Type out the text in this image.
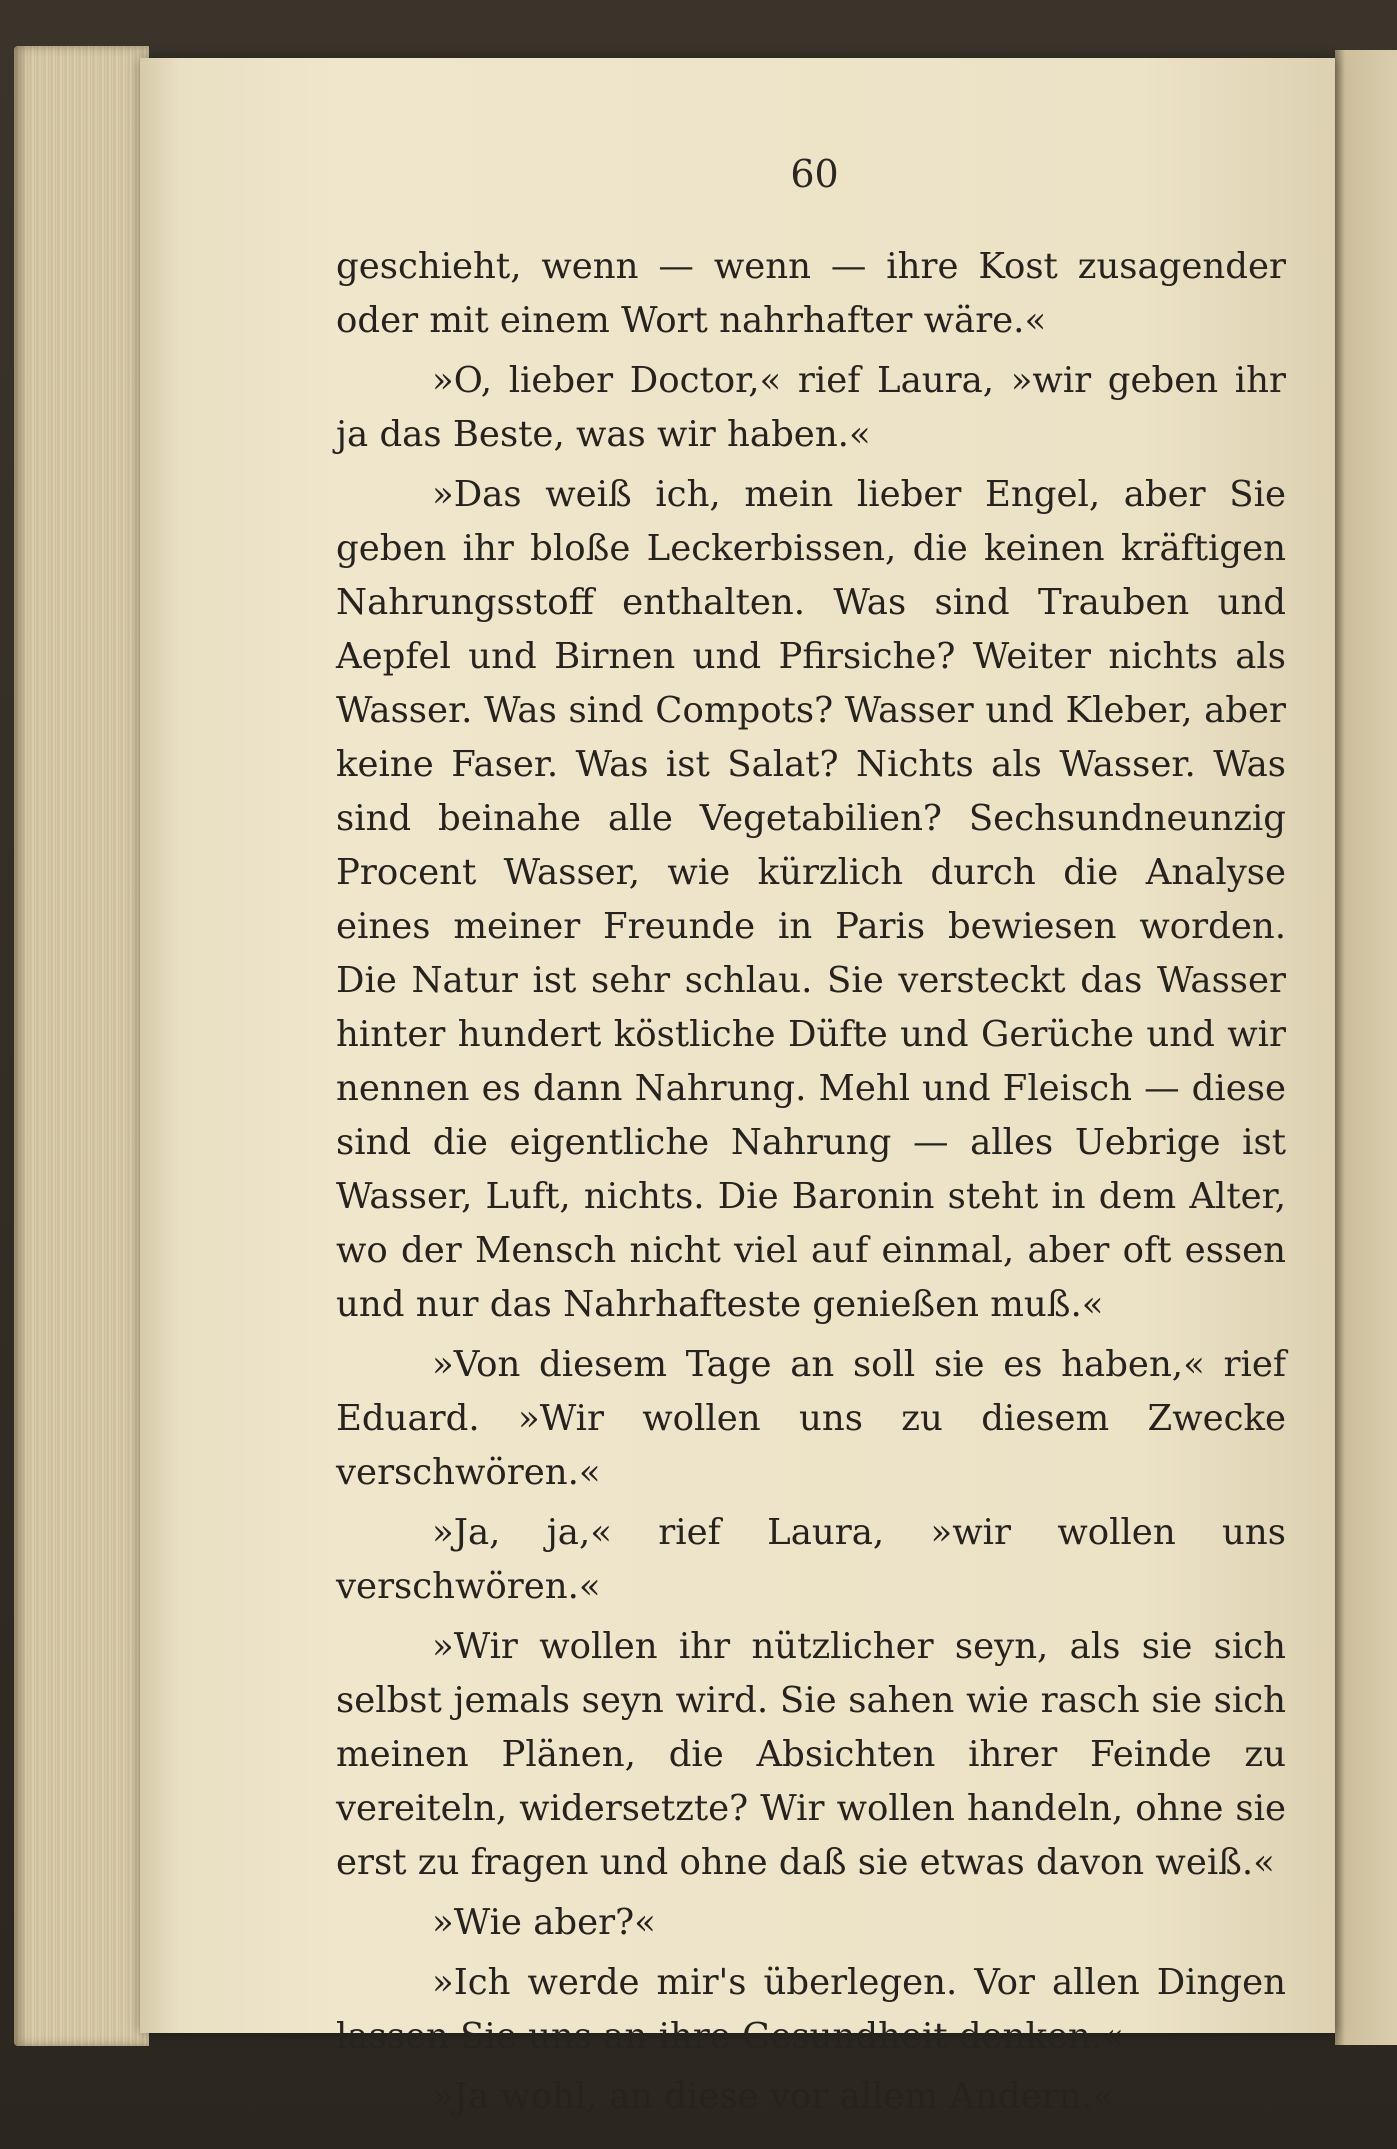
60

geschieht, wenn — wenn — ihre Kost zusagender oder mit einem Wort nahrhafter wäre.«

»O, lieber Doctor,« rief Laura, »wir geben ihr ja das Beste, was wir haben.«

»Das weiß ich, mein lieber Engel, aber Sie geben ihr bloße Leckerbissen, die keinen kräftigen Nahrungsstoff enthalten. Was sind Trauben und Aepfel und Birnen und Pfirsiche? Weiter nichts als Wasser. Was sind Compots? Wasser und Kleber, aber keine Faser. Was ist Salat? Nichts als Wasser. Was sind beinahe alle Vegetabilien? Sechsundneunzig Procent Wasser, wie kürzlich durch die Analyse eines meiner Freunde in Paris bewiesen worden. Die Natur ist sehr schlau. Sie versteckt das Wasser hinter hundert köstliche Düfte und Gerüche und wir nennen es dann Nahrung. Mehl und Fleisch — diese sind die eigentliche Nahrung — alles Uebrige ist Wasser, Luft, nichts. Die Baronin steht in dem Alter, wo der Mensch nicht viel auf einmal, aber oft essen und nur das Nahrhafteste genießen muß.«

»Von diesem Tage an soll sie es haben,« rief Eduard. »Wir wollen uns zu diesem Zwecke verschwören.«

»Ja, ja,« rief Laura, »wir wollen uns verschwören.«

»Wir wollen ihr nützlicher seyn, als sie sich selbst jemals seyn wird. Sie sahen wie rasch sie sich meinen Plänen, die Absichten ihrer Feinde zu vereiteln, widersetzte? Wir wollen handeln, ohne sie erst zu fragen und ohne daß sie etwas davon weiß.«

»Wie aber?«

»Ich werde mir's überlegen. Vor allen Dingen lassen Sie uns an ihre Gesundheit denken.«

»Ja wohl, an diese vor allem Andern.«
